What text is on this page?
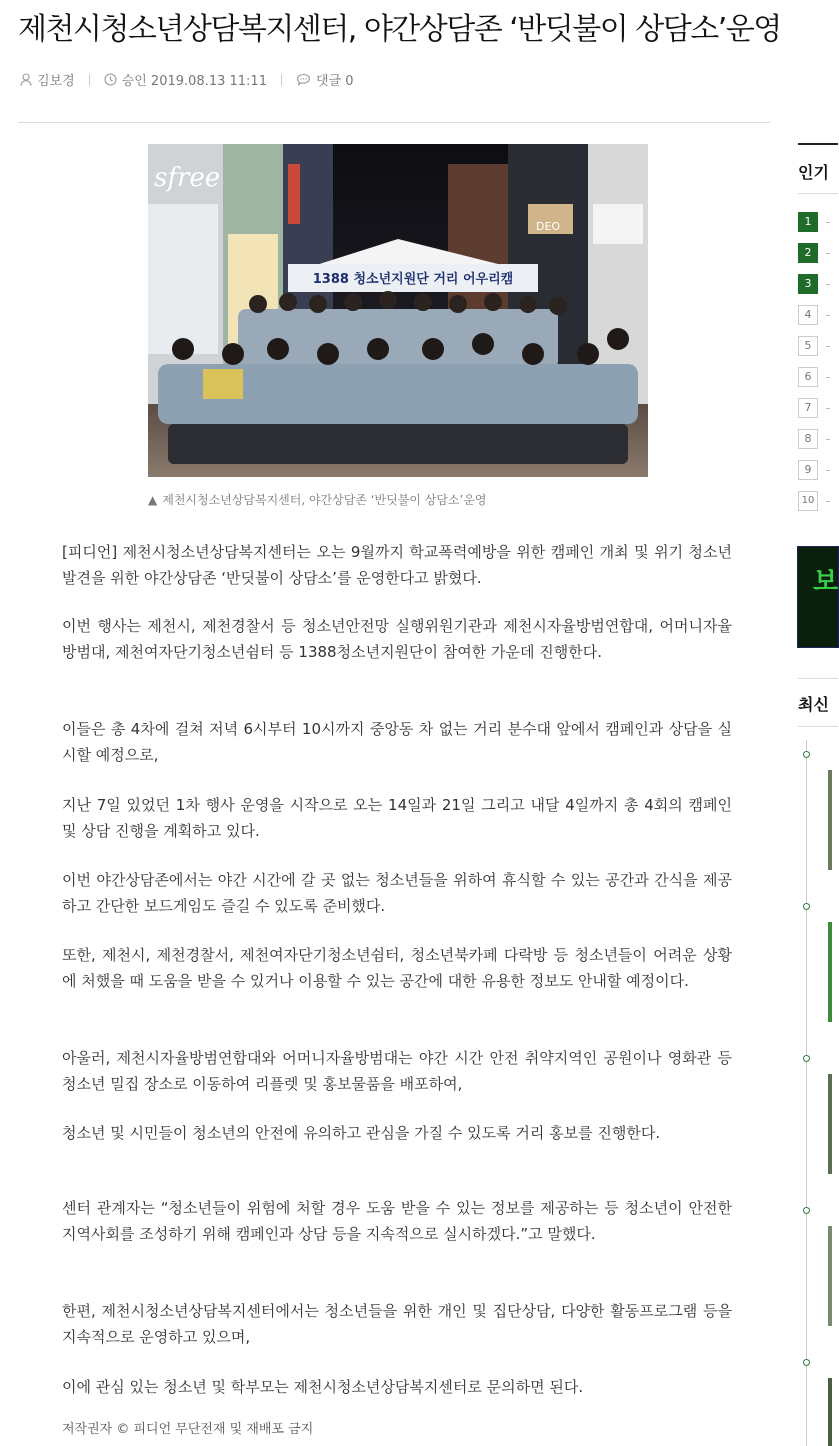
제천시청소년상담복지센터, 야간상담존 ‘반딧불이 상담소’운영
김보경	승인 2019.08.13 11:11	댓글 0
1388 청소년지원단 거리 어우리캠
sfree
DEO
▲ 제천시청소년상담복지센터, 야간상담존 ‘반딧불이 상담소’운영

[피디언] 제천시청소년상담복지센터는 오는 9월까지 학교폭력예방을 위한 캠페인 개최 및 위기 청소년 발견을 위한 야간상담존 ‘반딧불이 상담소’를 운영한다고 밝혔다.

이번 행사는 제천시, 제천경찰서 등 청소년안전망 실행위원기관과 제천시자율방범연합대, 어머니자율방범대, 제천여자단기청소년쉼터 등 1388청소년지원단이 참여한 가운데 진행한다.

이들은 총 4차에 걸쳐 저녁 6시부터 10시까지 중앙동 차 없는 거리 분수대 앞에서 캠페인과 상담을 실시할 예정으로,

지난 7일 있었던 1차 행사 운영을 시작으로 오는 14일과 21일 그리고 내달 4일까지 총 4회의 캠페인 및 상담 진행을 계획하고 있다.

이번 야간상담존에서는 야간 시간에 갈 곳 없는 청소년들을 위하여 휴식할 수 있는 공간과 간식을 제공하고 간단한 보드게임도 즐길 수 있도록 준비했다.

또한, 제천시, 제천경찰서, 제천여자단기청소년쉼터, 청소년북카페 다락방 등 청소년들이 어려운 상황에 처했을 때 도움을 받을 수 있거나 이용할 수 있는 공간에 대한 유용한 정보도 안내할 예정이다.

아울러, 제천시자율방범연합대와 어머니자율방범대는 야간 시간 안전 취약지역인 공원이나 영화관 등 청소년 밀집 장소로 이동하여 리플렛 및 홍보물품을 배포하여,

청소년 및 시민들이 청소년의 안전에 유의하고 관심을 가질 수 있도록 거리 홍보를 진행한다.

센터 관계자는 “청소년들이 위험에 처할 경우 도움 받을 수 있는 정보를 제공하는 등 청소년이 안전한 지역사회를 조성하기 위해 캠페인과 상담 등을 지속적으로 실시하겠다.”고 말했다.

한편, 제천시청소년상담복지센터에서는 청소년들을 위한 개인 및 집단상담, 다양한 활동프로그램 등을 지속적으로 운영하고 있으며,

이에 관심 있는 청소년 및 학부모는 제천시청소년상담복지센터로 문의하면 된다.

저작권자 © 피디언 무단전재 및 재배포 금지
인기
1
2
3
4
5
6
7
8
9
10
보
최신
